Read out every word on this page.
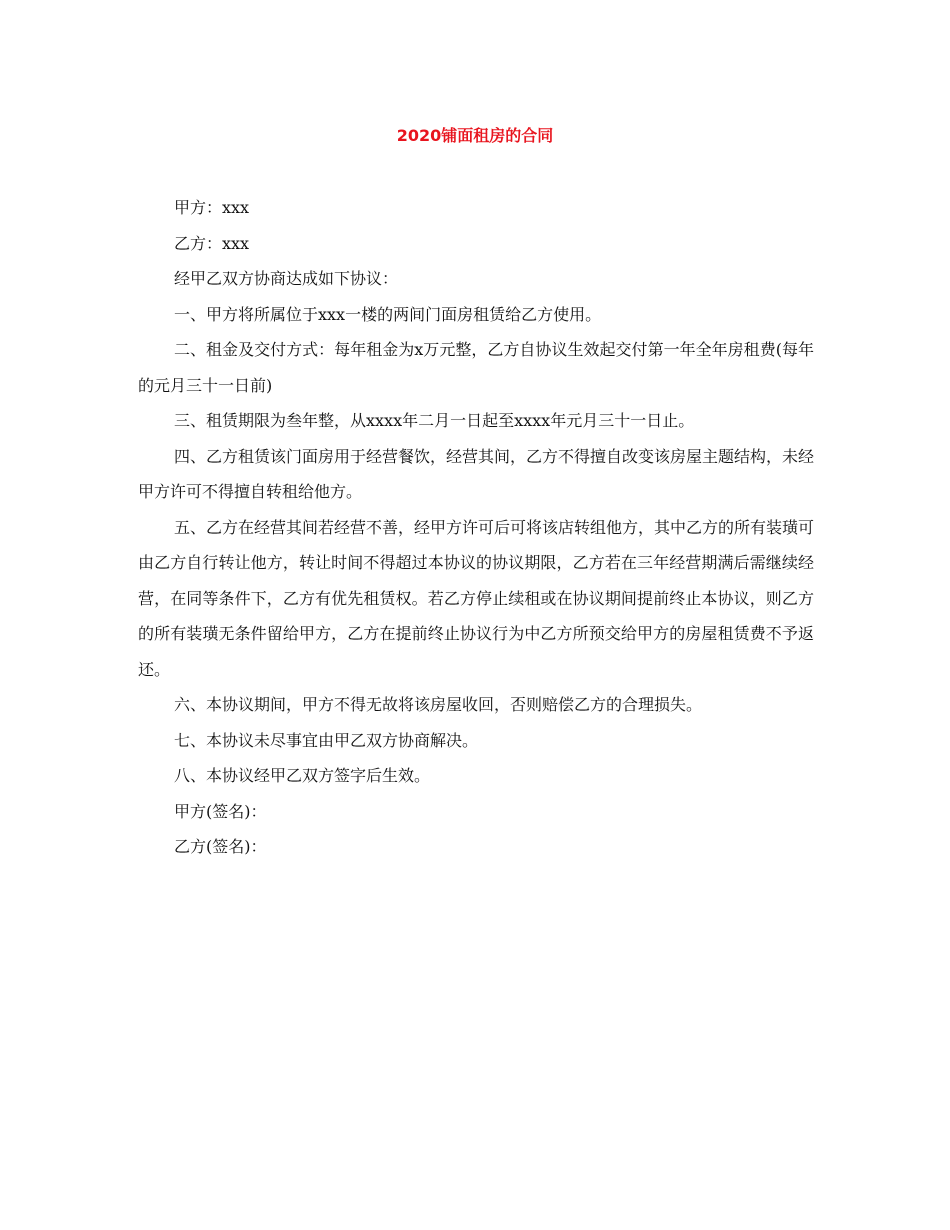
2020铺面租房的合同

甲方：xxx

乙方：xxx

经甲乙双方协商达成如下协议：

一、甲方将所属位于xxx一楼的两间门面房租赁给乙方使用。

二、租金及交付方式：每年租金为x万元整，乙方自协议生效起交付第一年全年房租费(每年的元月三十一日前)

三、租赁期限为叁年整，从xxxx年二月一日起至xxxx年元月三十一日止。

四、乙方租赁该门面房用于经营餐饮，经营其间，乙方不得擅自改变该房屋主题结构，未经甲方许可不得擅自转租给他方。

五、乙方在经营其间若经营不善，经甲方许可后可将该店转组他方，其中乙方的所有装璜可由乙方自行转让他方，转让时间不得超过本协议的协议期限，乙方若在三年经营期满后需继续经营，在同等条件下，乙方有优先租赁权。若乙方停止续租或在协议期间提前终止本协议，则乙方的所有装璜无条件留给甲方，乙方在提前终止协议行为中乙方所预交给甲方的房屋租赁费不予返还。

六、本协议期间，甲方不得无故将该房屋收回，否则赔偿乙方的合理损失。

七、本协议未尽事宜由甲乙双方协商解决。

八、本协议经甲乙双方签字后生效。

甲方(签名)：

乙方(签名)：
